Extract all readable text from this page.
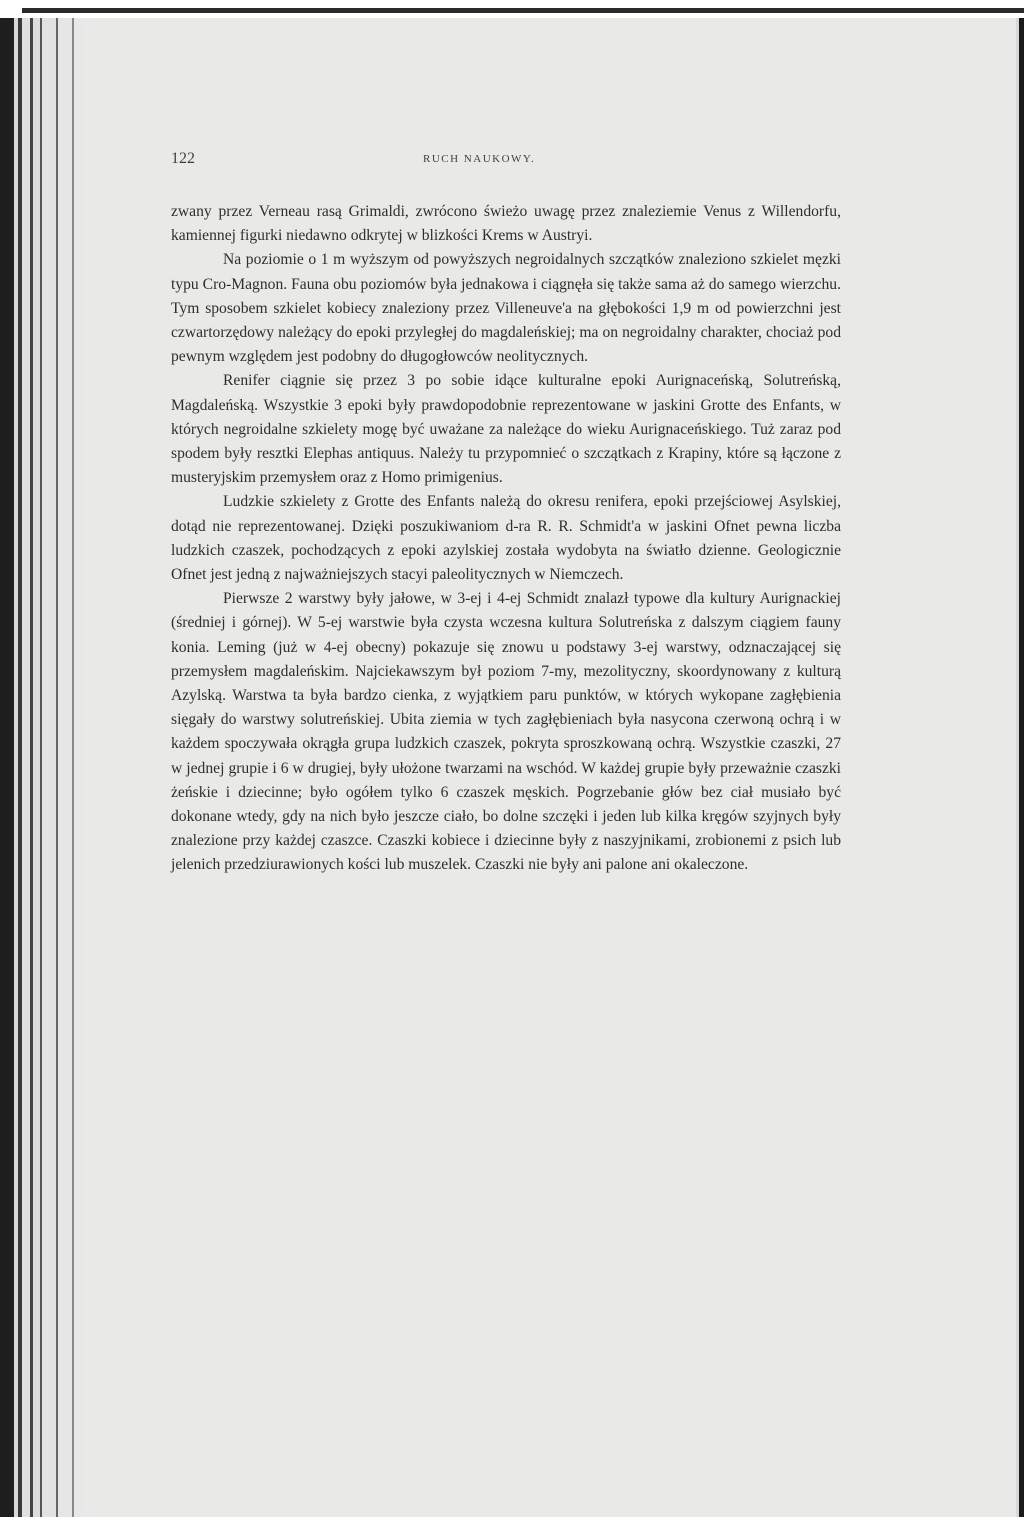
122	RUCH NAUKOWY.

zwany przez Verneau rasą Grimaldi, zwrócono świeżo uwagę przez znaleziemie Venus z Willendorfu, kamiennej figurki niedawno odkrytej w blizkości Krems w Austryi.

Na poziomie o 1 m wyższym od powyższych negroidalnych szczątków znaleziono szkielet męzki typu Cro-Magnon. Fauna obu poziomów była jednakowa i ciągnęła się także sama aż do samego wierzchu. Tym sposobem szkielet kobiecy znaleziony przez Villeneuve'a na głębokości 1,9 m od powierzchni jest czwartorzędowy należący do epoki przyległej do magdaleńskiej; ma on negroidalny charakter, chociaż pod pewnym względem jest podobny do długogłowców neolitycznych.

Renifer ciągnie się przez 3 po sobie idące kulturalne epoki Aurignaceńską, Solutreńską, Magdaleńską. Wszystkie 3 epoki były prawdopodobnie reprezentowane w jaskini Grotte des Enfants, w których negroidalne szkielety mogę być uważane za należące do wieku Aurignaceńskiego. Tuż zaraz pod spodem były resztki Elephas antiquus. Należy tu przypomnieć o szczątkach z Krapiny, które są łączone z musteryjskim przemysłem oraz z Homo primigenius.

Ludzkie szkielety z Grotte des Enfants należą do okresu renifera, epoki przejściowej Asylskiej, dotąd nie reprezentowanej. Dzięki poszukiwaniom d-ra R. R. Schmidt'a w jaskini Ofnet pewna liczba ludzkich czaszek, pochodzących z epoki azylskiej została wydobyta na światło dzienne. Geologicznie Ofnet jest jedną z najważniejszych stacyi paleolitycznych w Niemczech.

Pierwsze 2 warstwy były jałowe, w 3-ej i 4-ej Schmidt znalazł typowe dla kultury Aurignackiej (średniej i górnej). W 5-ej warstwie była czysta wczesna kultura Solutreńska z dalszym ciągiem fauny konia. Leming (już w 4-ej obecny) pokazuje się znowu u podstawy 3-ej warstwy, odznaczającej się przemysłem magdaleńskim. Najciekawszym był poziom 7-my, mezolityczny, skoordynowany z kulturą Azylską. Warstwa ta była bardzo cienka, z wyjątkiem paru punktów, w których wykopane zagłębienia sięgały do warstwy solutreńskiej. Ubita ziemia w tych zagłębieniach była nasycona czerwoną ochrą i w każdem spoczywała okrągła grupa ludzkich czaszek, pokryta sproszkowaną ochrą. Wszystkie czaszki, 27 w jednej grupie i 6 w drugiej, były ułożone twarzami na wschód. W każdej grupie były przeważnie czaszki żeńskie i dziecinne; było ogółem tylko 6 czaszek męskich. Pogrzebanie głów bez ciał musiało być dokonane wtedy, gdy na nich było jeszcze ciało, bo dolne szczęki i jeden lub kilka kręgów szyjnych były znalezione przy każdej czaszce. Czaszki kobiece i dziecinne były z naszyjnikami, zrobionemi z psich lub jelenich przedziurawionych kości lub muszelek. Czaszki nie były ani palone ani okaleczone.
